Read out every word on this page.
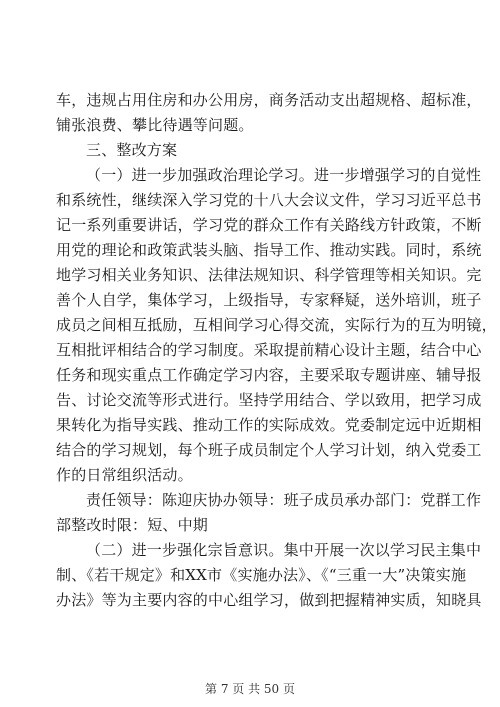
车，违规占用住房和办公用房，商务活动支出超规格、超标准，
铺张浪费、攀比待遇等问题。
三、整改方案
（一）进一步加强政治理论学习。进一步增强学习的自觉性
和系统性，继续深入学习党的十八大会议文件，学习习近平总书
记一系列重要讲话，学习党的群众工作有关路线方针政策，不断
用党的理论和政策武装头脑、指导工作、推动实践。同时，系统
地学习相关业务知识、法律法规知识、科学管理等相关知识。完
善个人自学，集体学习，上级指导，专家释疑，送外培训，班子
成员之间相互抵励，互相间学习心得交流，实际行为的互为明镜，
互相批评相结合的学习制度。采取提前精心设计主题，结合中心
任务和现实重点工作确定学习内容，主要采取专题讲座、辅导报
告、讨论交流等形式进行。坚持学用结合、学以致用，把学习成
果转化为指导实践、推动工作的实际成效。党委制定远中近期相
结合的学习规划，每个班子成员制定个人学习计划，纳入党委工
作的日常组织活动。
责任领导：陈迎庆协办领导：班子成员承办部门：党群工作
部整改时限：短、中期
（二）进一步强化宗旨意识。集中开展一次以学习民主集中
制、《若干规定》和XX市《实施办法》、《“三重一大”决策实施
办法》等为主要内容的中心组学习，做到把握精神实质，知晓具
第 7 页 共 50 页
